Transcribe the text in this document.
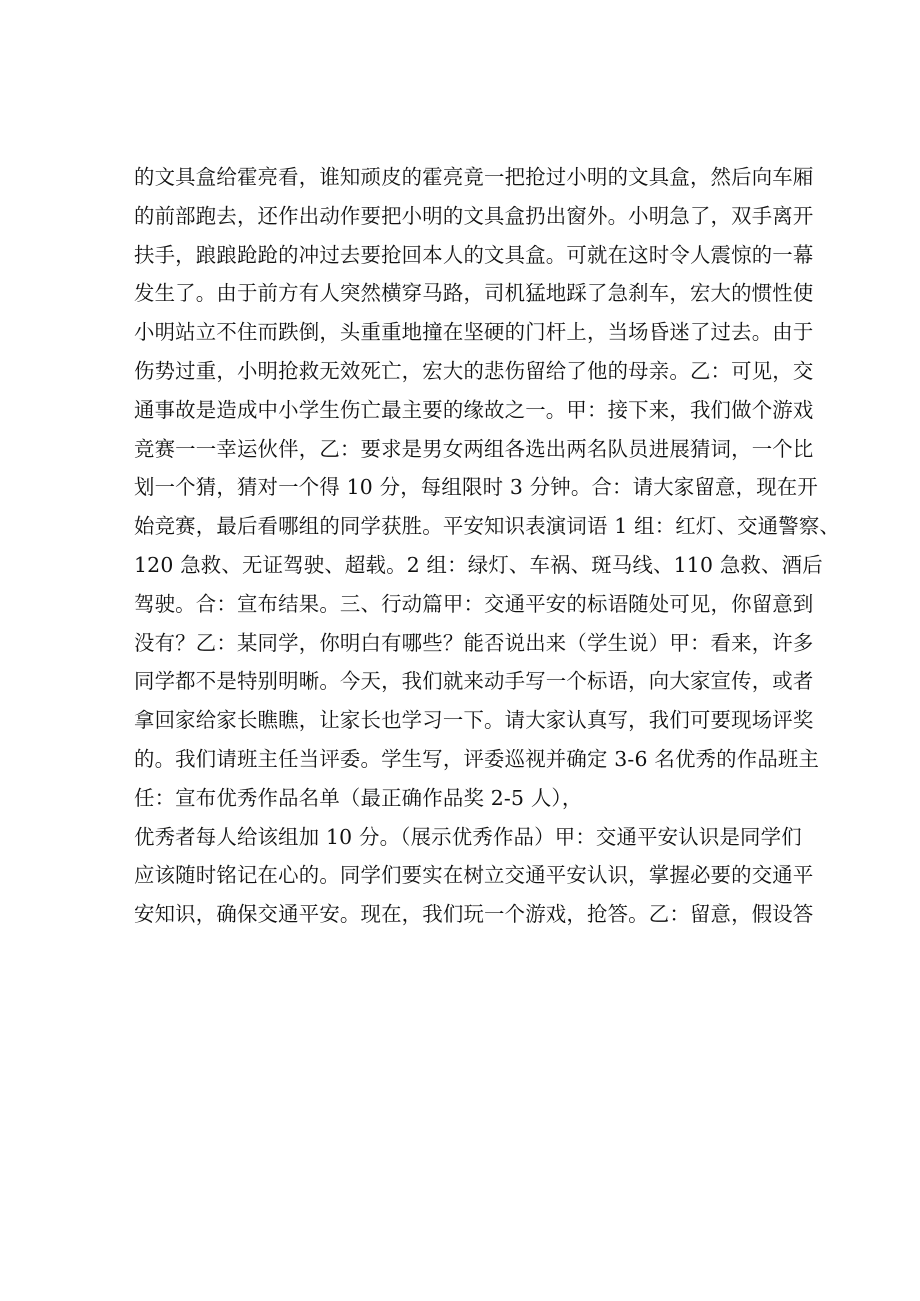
的文具盒给霍亮看，谁知顽皮的霍亮竟一把抢过小明的文具盒，然后向车厢
的前部跑去，还作出动作要把小明的文具盒扔出窗外。小明急了，双手离开
扶手，踉踉跄跄的冲过去要抢回本人的文具盒。可就在这时令人震惊的一幕
发生了。由于前方有人突然横穿马路，司机猛地踩了急刹车，宏大的惯性使
小明站立不住而跌倒，头重重地撞在坚硬的门杆上，当场昏迷了过去。由于
伤势过重，小明抢救无效死亡，宏大的悲伤留给了他的母亲。乙：可见，交
通事故是造成中小学生伤亡最主要的缘故之一。甲：接下来，我们做个游戏
竞赛一一幸运伙伴，乙：要求是男女两组各选出两名队员进展猜词，一个比
划一个猜，猜对一个得 10 分，每组限时 3 分钟。合：请大家留意，现在开
始竞赛，最后看哪组的同学获胜。平安知识表演词语 1 组：红灯、交通警察、
120 急救、无证驾驶、超载。2 组：绿灯、车祸、斑马线、110 急救、酒后
驾驶。合：宣布结果。三、行动篇甲：交通平安的标语随处可见，你留意到
没有？乙：某同学，你明白有哪些？能否说出来（学生说）甲：看来，许多
同学都不是特别明晰。今天，我们就来动手写一个标语，向大家宣传，或者
拿回家给家长瞧瞧，让家长也学习一下。请大家认真写，我们可要现场评奖
的。我们请班主任当评委。学生写，评委巡视并确定 3-6 名优秀的作品班主
任：宣布优秀作品名单（最正确作品奖 2-5 人），
优秀者每人给该组加 10 分。（展示优秀作品）甲：交通平安认识是同学们
应该随时铭记在心的。同学们要实在树立交通平安认识，掌握必要的交通平
安知识，确保交通平安。现在，我们玩一个游戏，抢答。乙：留意，假设答
